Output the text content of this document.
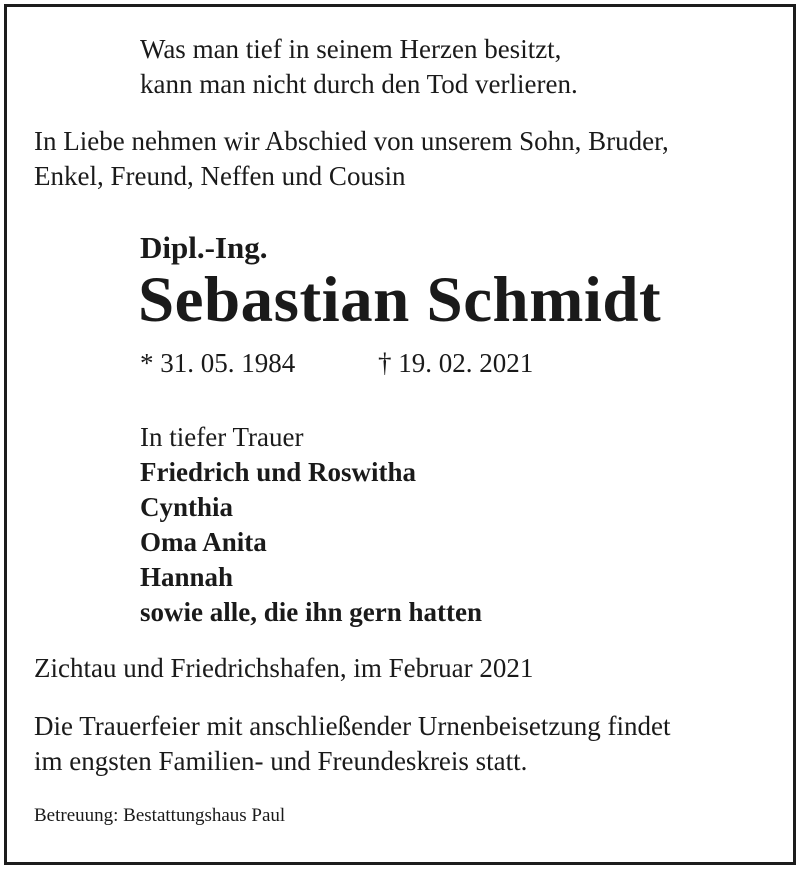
Was man tief in seinem Herzen besitzt,
kann man nicht durch den Tod verlieren.
In Liebe nehmen wir Abschied von unserem Sohn, Bruder,
Enkel, Freund, Neffen und Cousin
Dipl.-Ing.
Sebastian Schmidt
* 31. 05. 1984	† 19. 02. 2021
In tiefer Trauer
Friedrich und Roswitha
Cynthia
Oma Anita
Hannah
sowie alle, die ihn gern hatten
Zichtau und Friedrichshafen, im Februar 2021
Die Trauerfeier mit anschließender Urnenbeisetzung findet
im engsten Familien- und Freundeskreis statt.
Betreuung: Bestattungshaus Paul
